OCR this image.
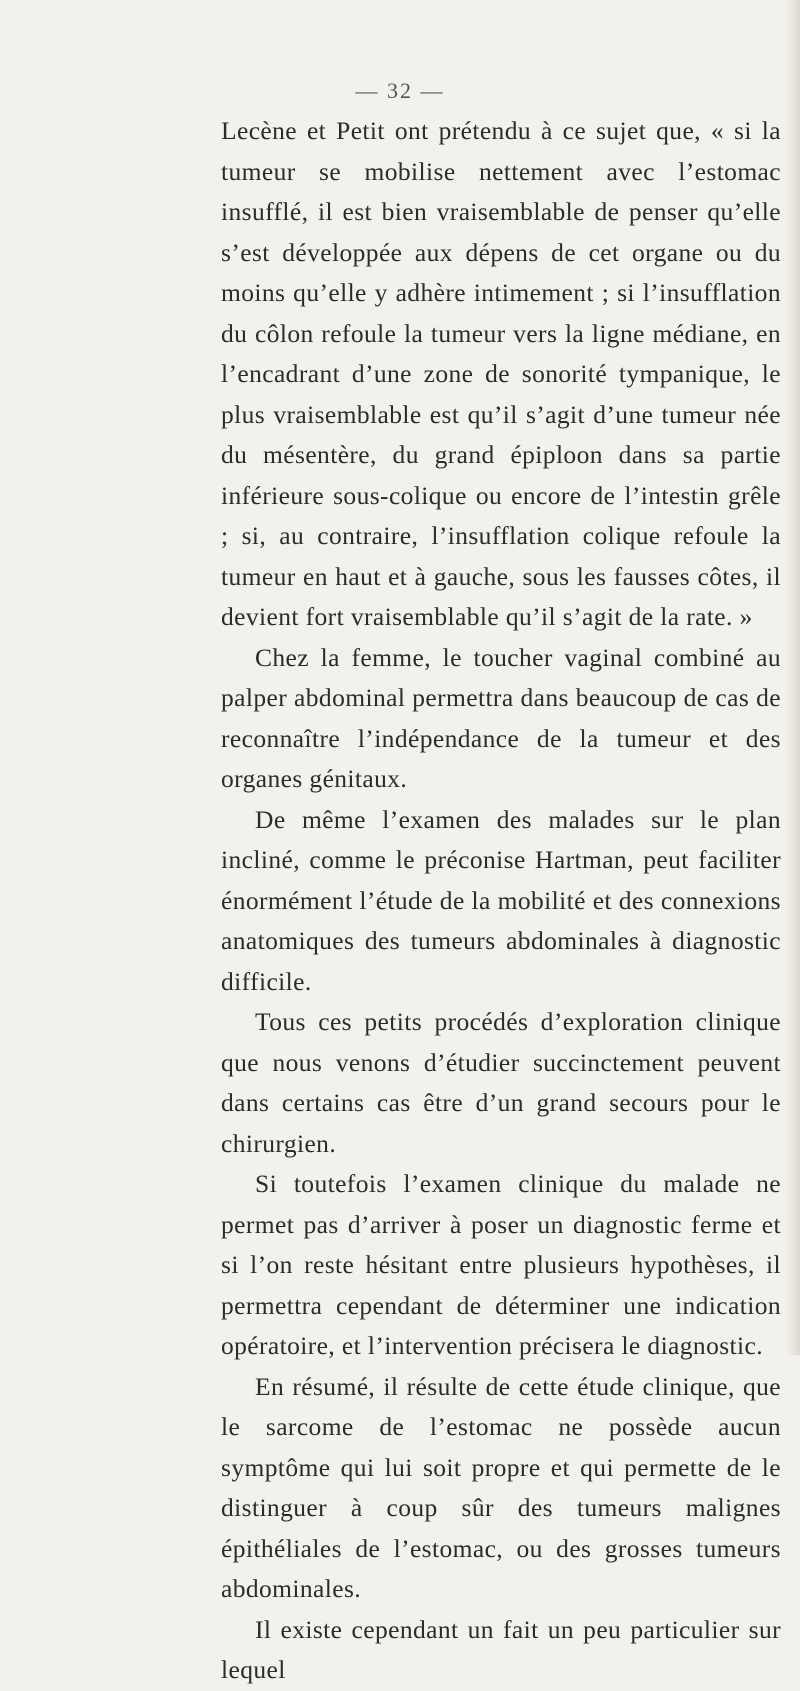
— 32 —

Lecène et Petit ont prétendu à ce sujet que, « si la tumeur se mobilise nettement avec l’estomac insufflé, il est bien vraisemblable de penser qu’elle s’est développée aux dépens de cet organe ou du moins qu’elle y adhère intimement ; si l’insufflation du côlon refoule la tumeur vers la ligne médiane, en l’encadrant d’une zone de sonorité tympanique, le plus vraisemblable est qu’il s’agit d’une tumeur née du mésentère, du grand épiploon dans sa partie inférieure sous-colique ou encore de l’intestin grêle ; si, au contraire, l’insufflation colique refoule la tumeur en haut et à gauche, sous les fausses côtes, il devient fort vraisemblable qu’il s’agit de la rate. »

Chez la femme, le toucher vaginal combiné au palper abdominal permettra dans beaucoup de cas de reconnaître l’indépendance de la tumeur et des organes génitaux.

De même l’examen des malades sur le plan incliné, comme le préconise Hartman, peut faciliter énormément l’étude de la mobilité et des connexions anatomiques des tumeurs abdominales à diagnostic difficile.

Tous ces petits procédés d’exploration clinique que nous venons d’étudier succinctement peuvent dans certains cas être d’un grand secours pour le chirurgien.

Si toutefois l’examen clinique du malade ne permet pas d’arriver à poser un diagnostic ferme et si l’on reste hésitant entre plusieurs hypothèses, il permettra cependant de déterminer une indication opératoire, et l’intervention précisera le diagnostic.

En résumé, il résulte de cette étude clinique, que le sarcome de l’estomac ne possède aucun symptôme qui lui soit propre et qui permette de le distinguer à coup sûr des tumeurs malignes épithéliales de l’estomac, ou des grosses tumeurs abdominales.

Il existe cependant un fait un peu particulier sur lequel
